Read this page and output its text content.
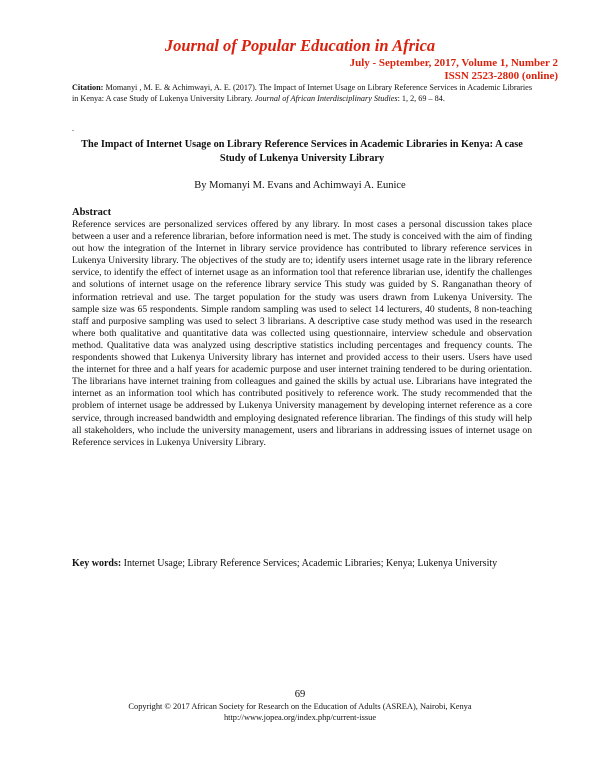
Journal of Popular Education in Africa
July - September, 2017, Volume 1, Number 2
ISSN 2523-2800 (online)
Citation: Momanyi , M. E. & Achimwayi, A. E. (2017). The Impact of Internet Usage on Library Reference Services in Academic Libraries in Kenya: A case Study of Lukenya University Library. Journal of African Interdisciplinary Studies: 1, 2, 69 – 84.
.
The Impact of Internet Usage on Library Reference Services in Academic Libraries in Kenya: A case Study of Lukenya University Library
By Momanyi M. Evans and Achimwayi A. Eunice
Abstract
Reference services are personalized services offered by any library. In most cases a personal discussion takes place between a user and a reference librarian, before information need is met. The study is conceived with the aim of finding out how the integration of the Internet in library service providence has contributed to library reference services in Lukenya University library. The objectives of the study are to; identify users internet usage rate in the library reference service, to identify the effect of internet usage as an information tool that reference librarian use, identify the challenges and solutions of internet usage on the reference library service This study was guided by S. Ranganathan theory of information retrieval and use. The target population for the study was users drawn from Lukenya University. The sample size was 65 respondents. Simple random sampling was used to select 14 lecturers, 40 students, 8 non-teaching staff and purposive sampling was used to select 3 librarians. A descriptive case study method was used in the research where both qualitative and quantitative data was collected using questionnaire, interview schedule and observation method. Qualitative data was analyzed using descriptive statistics including percentages and frequency counts. The respondents showed that Lukenya University library has internet and provided access to their users. Users have used the internet for three and a half years for academic purpose and user internet training tendered to be during orientation. The librarians have internet training from colleagues and gained the skills by actual use. Librarians have integrated the internet as an information tool which has contributed positively to reference work. The study recommended that the problem of internet usage be addressed by Lukenya University management by developing internet reference as a core service, through increased bandwidth and employing designated reference librarian. The findings of this study will help all stakeholders, who include the university management, users and librarians in addressing issues of internet usage on Reference services in Lukenya University Library.
Key words: Internet Usage; Library Reference Services; Academic Libraries; Kenya; Lukenya University
69
Copyright © 2017 African Society for Research on the Education of Adults (ASREA), Nairobi, Kenya
http://www.jopea.org/index.php/current-issue
